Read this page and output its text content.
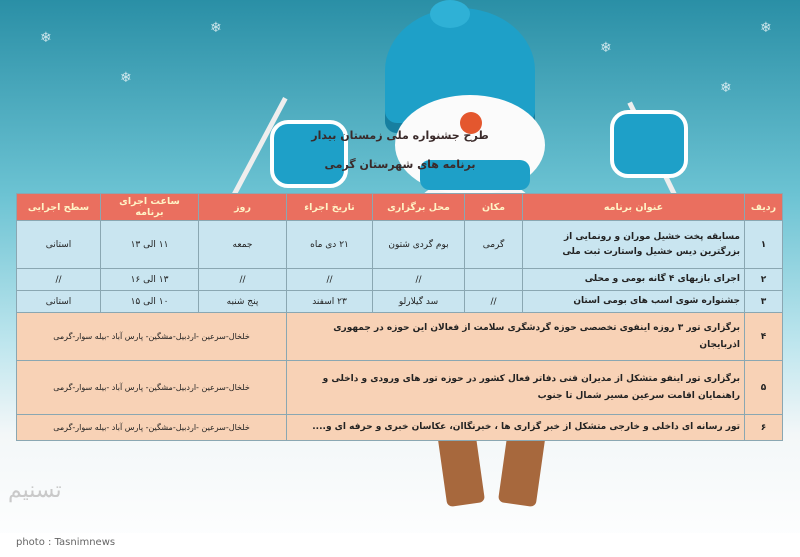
❄
❄
❄
❄
❄
❄
طرح جشنواره ملی زمستان بیدار
برنامه های شهرستان گرمی
ردیف	عنوان برنامه	مکان	محل برگزاری	تاریخ اجراء	روز	ساعت اجرای برنامه	سطح اجرایی
۱	مسابقه پخت خشیل موران و رونمایی از بزرگترین دیس خشیل واستارت ثبت ملی	گرمی	بوم گردی شتون	۲۱ دی ماه	جمعه	۱۱ الی ۱۳	استانی
۲	اجرای بازیهای ۴ گانه بومی و محلی		//	//	//	۱۳ الی ۱۶	//
۳	جشنواره شوی اسب های بومی استان	//	سد گیلارلو	۲۳ اسفند	پنج شنبه	۱۰ الی ۱۵	استانی
۴	برگزاری تور ۳ روزه اینفوی تخصصی حوزه گردشگری سلامت از فعالان این حوزه در جمهوری اذربایجان				خلخال-سرعین -اردبیل-مشگین- پارس آباد -بیله سوار-گرمی		
۵	برگزاری تور اینفو متشکل از مدیران فنی دفاتر فعال کشور در حوزه تور های ورودی و داخلی و راهنمایان اقامت سرعین مسیر شمال تا جنوب				خلخال-سرعین -اردبیل-مشگین- پارس آباد -بیله سوار-گرمی		
۶	تور رسانه ای داخلی و خارجی متشکل از خبر گزاری ها ، خبرنگاان، عکاسان خبری و حرفه ای و....				خلخال-سرعین -اردبیل-مشگین- پارس آباد -بیله سوار-گرمی		
تسنیم
photo : Tasnimnews
